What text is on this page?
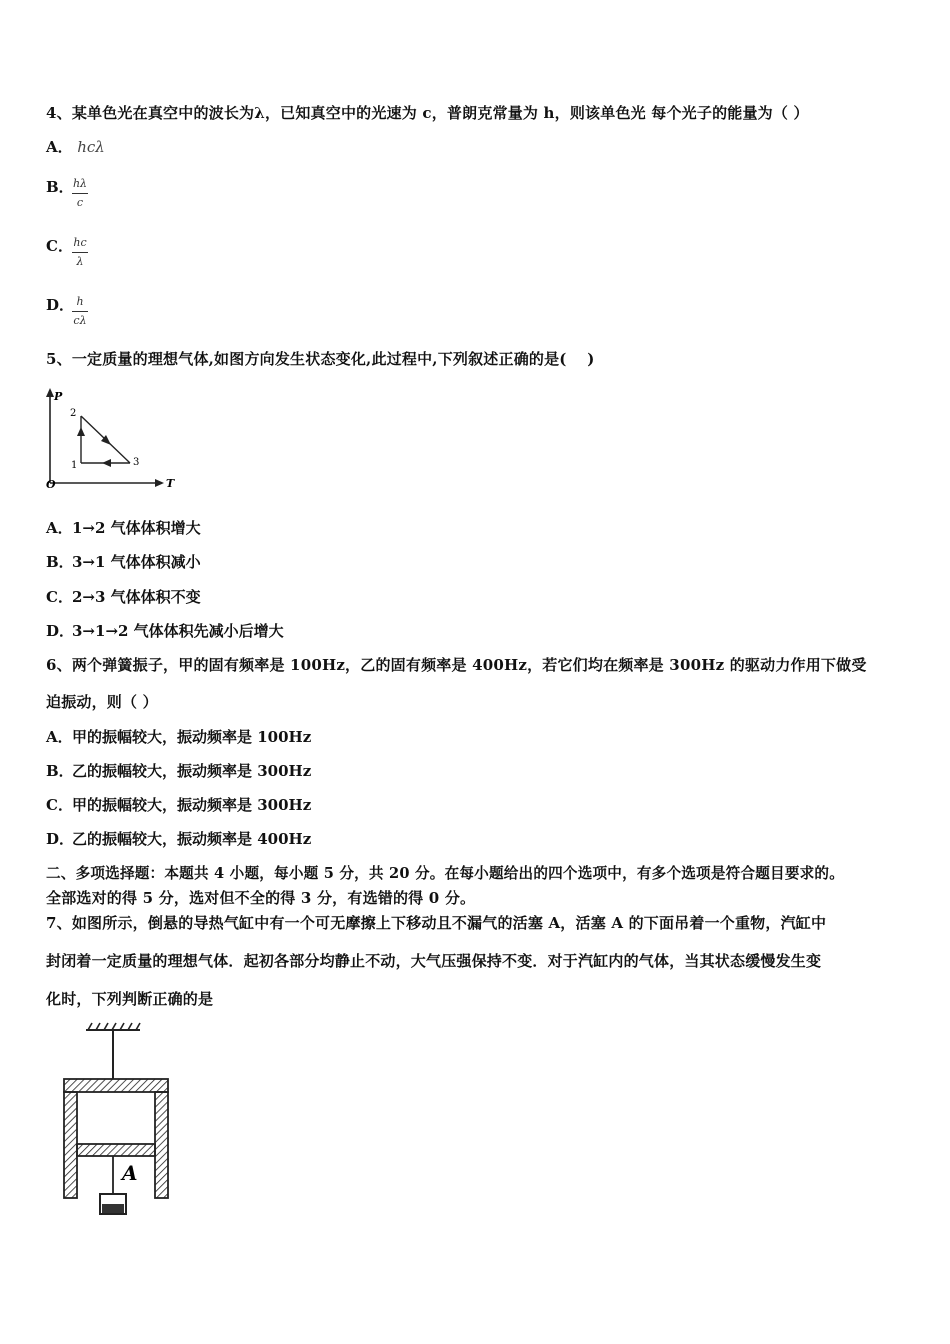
4、某单色光在真空中的波长为λ，已知真空中的光速为 c，普朗克常量为 h，则该单色光 每个光子的能量为（ ）
A． hcλ
B． hλ
c
C． hc
λ
D． h
cλ
5、一定质量的理想气体,如图方向发生状态变化,此过程中,下列叙述正确的是(　 )
P
T
O
2
1	3
A．1→2 气体体积增大
B．3→1 气体体积减小
C．2→3 气体体积不变
D．3→1→2 气体体积先减小后增大
6、两个弹簧振子，甲的固有频率是 100Hz，乙的固有频率是 400Hz，若它们均在频率是 300Hz 的驱动力作用下做受
迫振动，则（ ）
A．甲的振幅较大，振动频率是 100Hz
B．乙的振幅较大，振动频率是 300Hz
C．甲的振幅较大，振动频率是 300Hz
D．乙的振幅较大，振动频率是 400Hz
二、多项选择题：本题共 4 小题，每小题 5 分，共 20 分。在每小题给出的四个选项中，有多个选项是符合题目要求的。
全部选对的得 5 分，选对但不全的得 3 分，有选错的得 0 分。
7、如图所示，倒悬的导热气缸中有一个可无摩擦上下移动且不漏气的活塞 A，活塞 A 的下面吊着一个重物，汽缸中
封闭着一定质量的理想气体．起初各部分均静止不动，大气压强保持不变．对于汽缸内的气体，当其状态缓慢发生变
化时，下列判断正确的是
A
